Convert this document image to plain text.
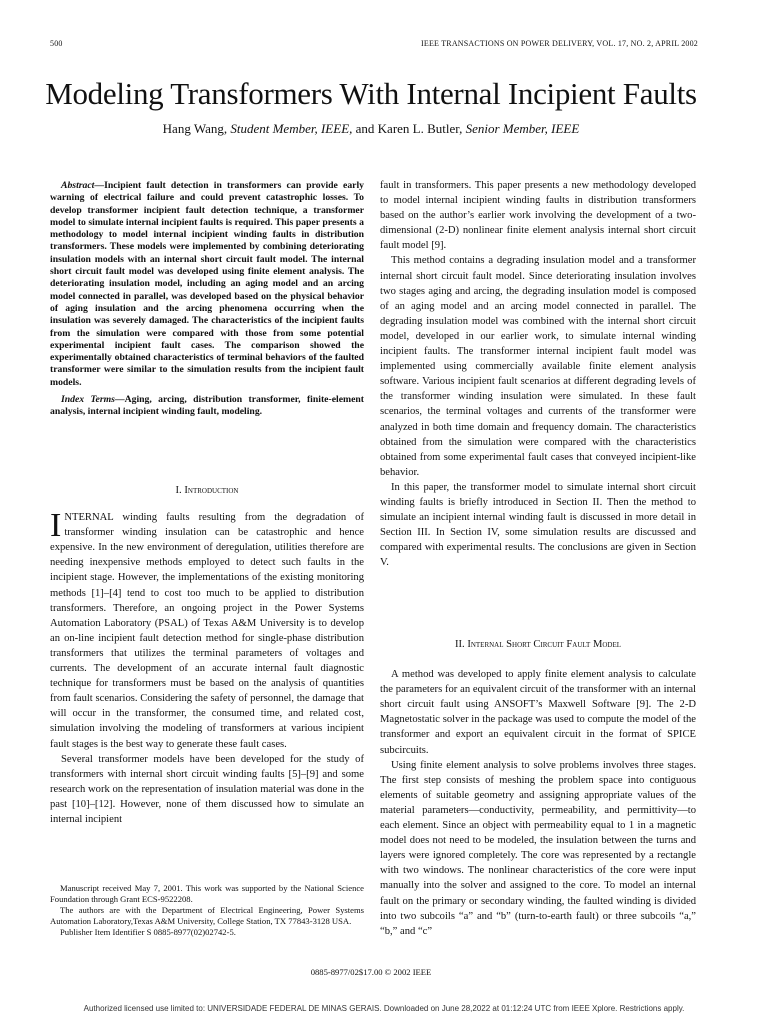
500	IEEE TRANSACTIONS ON POWER DELIVERY, VOL. 17, NO. 2, APRIL 2002
Modeling Transformers With Internal Incipient Faults
Hang Wang, Student Member, IEEE, and Karen L. Butler, Senior Member, IEEE

Abstract—Incipient fault detection in transformers can provide early warning of electrical failure and could prevent catastrophic losses. To develop transformer incipient fault detection technique, a transformer model to simulate internal incipient faults is required. This paper presents a methodology to model internal incipient winding faults in distribution transformers. These models were implemented by combining deteriorating insulation models with an internal short circuit fault model. The internal short circuit fault model was developed using finite element analysis. The deteriorating insulation model, including an aging model and an arcing model connected in parallel, was developed based on the physical behavior of aging insulation and the arcing phenomena occurring when the insulation was severely damaged. The characteristics of the incipient faults from the simulation were compared with those from some potential experimental incipient fault cases. The comparison showed the experimentally obtained characteristics of terminal behaviors of the faulted transformer were similar to the simulation results from the incipient fault models.

Index Terms—Aging, arcing, distribution transformer, finite-element analysis, internal incipient winding fault, modeling.

I. Introduction

INTERNAL winding faults resulting from the degradation of transformer winding insulation can be catastrophic and hence expensive. In the new environment of deregulation, utilities therefore are needing inexpensive methods employed to detect such faults in the incipient stage. However, the implementations of the existing monitoring methods [1]–[4] tend to cost too much to be applied to distribution transformers. Therefore, an ongoing project in the Power Systems Automation Laboratory (PSAL) of Texas A&M University is to develop an on-line incipient fault detection method for single-phase distribution transformers that utilizes the terminal parameters of voltages and currents. The development of an accurate internal fault diagnostic technique for transformers must be based on the analysis of quantities from fault scenarios. Considering the safety of personnel, the damage that will occur in the transformer, the consumed time, and related cost, simulation involving the modeling of transformers at various incipient fault stages is the best way to generate these fault cases.

Several transformer models have been developed for the study of transformers with internal short circuit winding faults [5]–[9] and some research work on the representation of insulation material was done in the past [10]–[12]. However, none of them discussed how to simulate an internal incipient

Manuscript received May 7, 2001. This work was supported by the National Science Foundation through Grant ECS-9522208.

The authors are with the Department of Electrical Engineering, Power Systems Automation Laboratory,Texas A&M University, College Station, TX 77843-3128 USA.

Publisher Item Identifier S 0885-8977(02)02742-5.

fault in transformers. This paper presents a new methodology developed to model internal incipient winding faults in distribution transformers based on the author’s earlier work involving the development of a two-dimensional (2-D) nonlinear finite element analysis internal short circuit fault model [9].

This method contains a degrading insulation model and a transformer internal short circuit fault model. Since deteriorating insulation involves two stages aging and arcing, the degrading insulation model is composed of an aging model and an arcing model connected in parallel. The degrading insulation model was combined with the internal short circuit model, developed in our earlier work, to simulate internal winding incipient faults. The transformer internal incipient fault model was implemented using commercially available finite element analysis software. Various incipient fault scenarios at different degrading levels of the transformer winding insulation were simulated. In these fault scenarios, the terminal voltages and currents of the transformer were analyzed in both time domain and frequency domain. The characteristics obtained from the simulation were compared with the characteristics obtained from some experimental fault cases that conveyed incipient-like behavior.

In this paper, the transformer model to simulate internal short circuit winding faults is briefly introduced in Section II. Then the method to simulate an incipient internal winding fault is discussed in more detail in Section III. In Section IV, some simulation results are discussed and compared with experimental results. The conclusions are given in Section V.

II. Internal Short Circuit Fault Model

A method was developed to apply finite element analysis to calculate the parameters for an equivalent circuit of the transformer with an internal short circuit fault using ANSOFT’s Maxwell Software [9]. The 2-D Magnetostatic solver in the package was used to compute the model of the transformer and export an equivalent circuit in the format of SPICE subcircuits.

Using finite element analysis to solve problems involves three stages. The first step consists of meshing the problem space into contiguous elements of suitable geometry and assigning appropriate values of the material parameters—conductivity, permeability, and permittivity—to each element. Since an object with permeability equal to 1 in a magnetic model does not need to be modeled, the insulation between the turns and layers were ignored completely. The core was represented by a rectangle with two windows. The nonlinear characteristics of the core were input manually into the solver and assigned to the core. To model an internal fault on the primary or secondary winding, the faulted winding is divided into two subcoils “a” and “b” (turn-to-earth fault) or three subcoils “a,” “b,” and “c”

0885-8977/02$17.00 © 2002 IEEE
Authorized licensed use limited to: UNIVERSIDADE FEDERAL DE MINAS GERAIS. Downloaded on June 28,2022 at 01:12:24 UTC from IEEE Xplore. Restrictions apply.
